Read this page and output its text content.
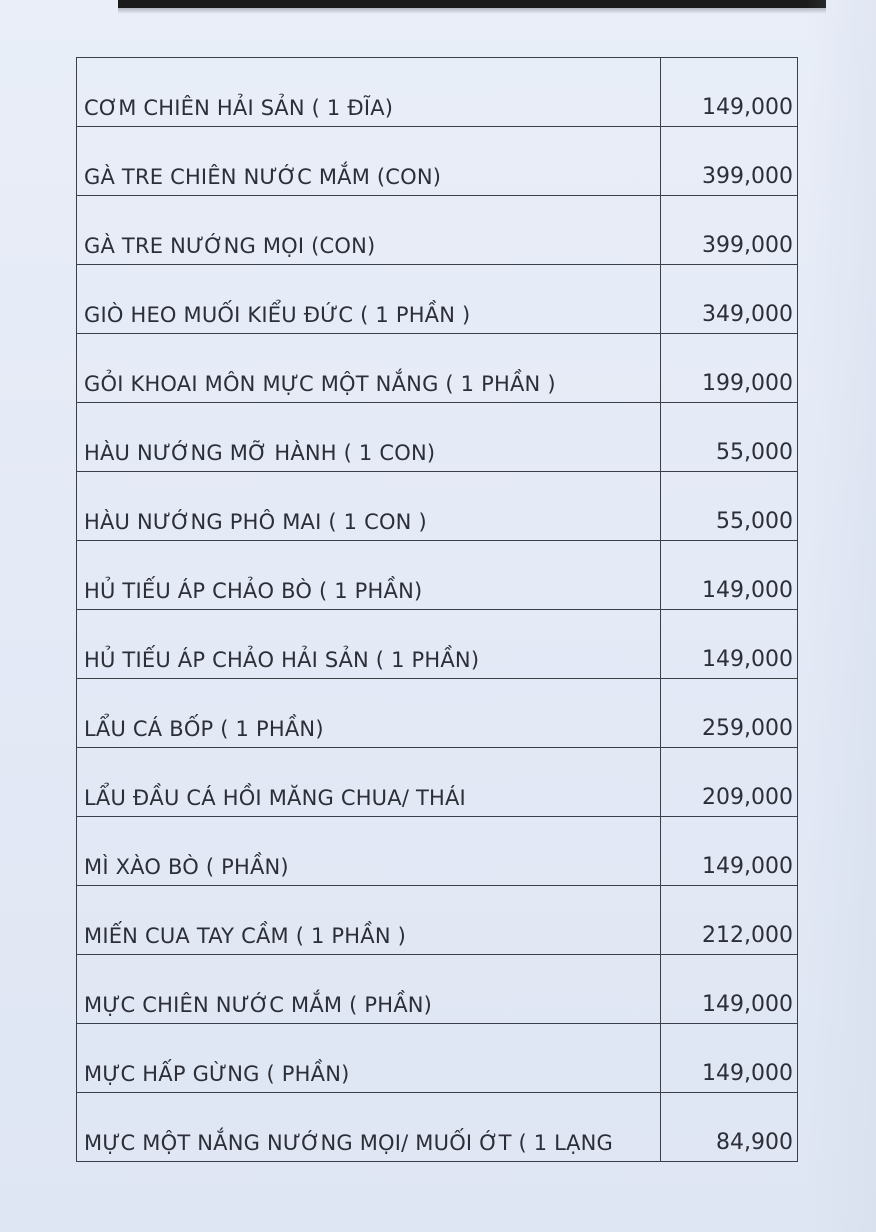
CƠM CHIÊN HẢI SẢN ( 1 ĐĨA)	149,000
GÀ TRE CHIÊN NƯỚC MẮM (CON)	399,000
GÀ TRE NƯỚNG MỌI (CON)	399,000
GIÒ HEO MUỐI KIỂU ĐỨC ( 1 PHẦN )	349,000
GỎI KHOAI MÔN MỰC MỘT NẮNG ( 1 PHẦN )	199,000
HÀU NƯỚNG MỠ HÀNH ( 1 CON)	55,000
HÀU NƯỚNG PHÔ MAI ( 1 CON )	55,000
HỦ TIẾU ÁP CHẢO BÒ ( 1 PHẦN)	149,000
HỦ TIẾU ÁP CHẢO HẢI SẢN ( 1 PHẦN)	149,000
LẨU CÁ BỐP ( 1 PHẦN)	259,000
LẨU ĐẦU CÁ HỒI MĂNG CHUA/ THÁI	209,000
MÌ XÀO BÒ ( PHẦN)	149,000
MIẾN CUA TAY CẦM ( 1 PHẦN )	212,000
MỰC CHIÊN NƯỚC MẮM ( PHẦN)	149,000
MỰC HẤP GỪNG ( PHẦN)	149,000
MỰC MỘT NẮNG NƯỚNG MỌI/ MUỐI ỚT ( 1 LẠNG	84,900
